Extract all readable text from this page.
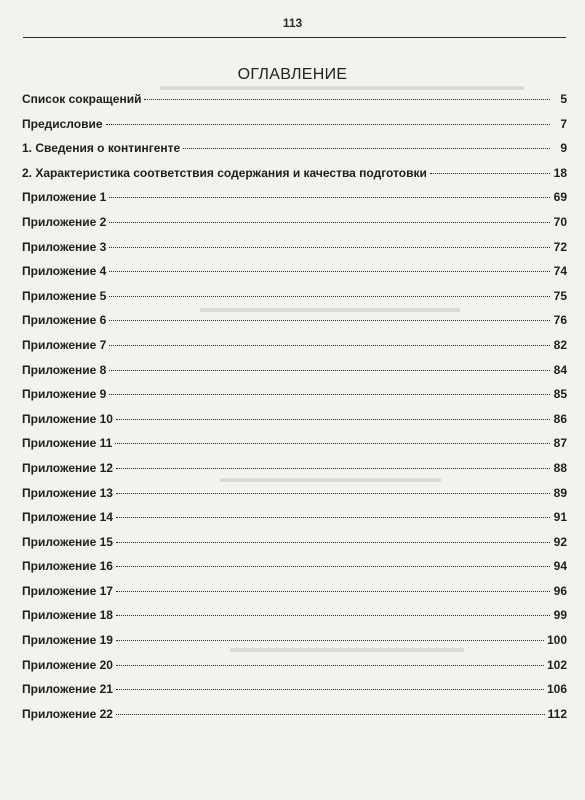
113
▬▬▬▬▬▬▬▬▬▬▬▬▬▬▬▬▬▬▬▬▬▬▬▬▬▬▬▬
▬▬▬▬▬▬▬▬▬▬▬▬▬▬▬▬▬▬▬▬
▬▬▬▬▬▬▬▬▬▬▬▬▬▬▬▬▬
▬▬▬▬▬▬▬▬▬▬▬▬▬▬▬▬▬▬
ОГЛАВЛЕНИЕ
Список сокращений	5
Предисловие	7
1. Сведения о контингенте	9
2. Характеристика соответствия содержания и качества подготовки	18
Приложение 1	69
Приложение 2	70
Приложение 3	72
Приложение 4	74
Приложение 5	75
Приложение 6	76
Приложение 7	82
Приложение 8	84
Приложение 9	85
Приложение 10	86
Приложение 11	87
Приложение 12	88
Приложение 13	89
Приложение 14	91
Приложение 15	92
Приложение 16	94
Приложение 17	96
Приложение 18	99
Приложение 19	100
Приложение 20	102
Приложение 21	106
Приложение 22	112
